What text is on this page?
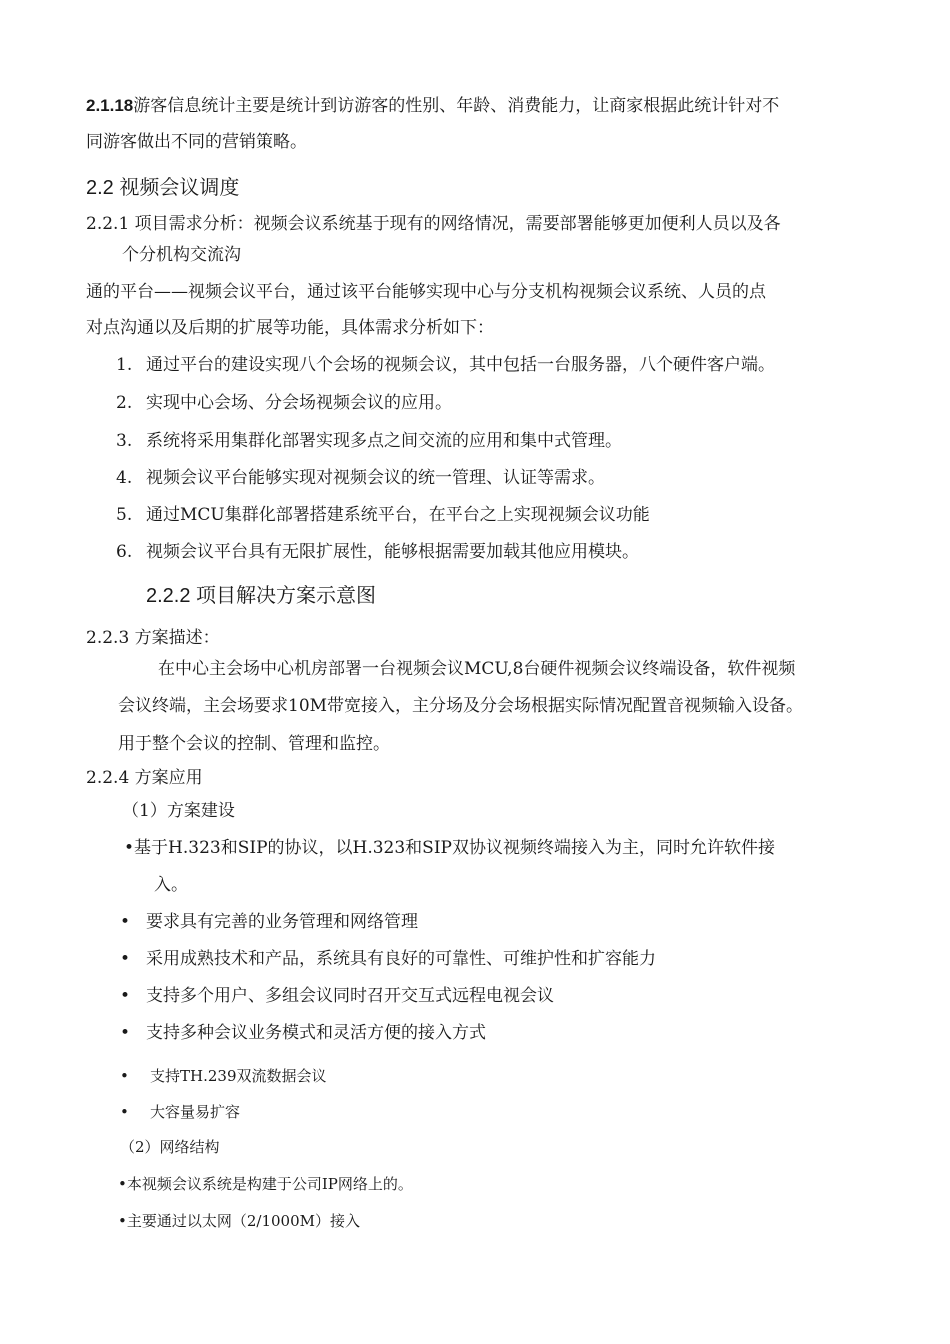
2.1.18游客信息统计主要是统计到访游客的性别、年龄、消费能力，让商家根据此统计针对不
同游客做出不同的营销策略。
2.2 视频会议调度
2.2.1 项目需求分析：视频会议系统基于现有的网络情况，需要部署能够更加便利人员以及各
个分机构交流沟
通的平台——视频会议平台，通过该平台能够实现中心与分支机构视频会议系统、人员的点
对点沟通以及后期的扩展等功能，具体需求分析如下：
1. 通过平台的建设实现八个会场的视频会议，其中包括一台服务器，八个硬件客户端。
2. 实现中心会场、分会场视频会议的应用。
3. 系统将采用集群化部署实现多点之间交流的应用和集中式管理。
4. 视频会议平台能够实现对视频会议的统一管理、认证等需求。
5. 通过MCU集群化部署搭建系统平台，在平台之上实现视频会议功能
6. 视频会议平台具有无限扩展性，能够根据需要加载其他应用模块。
2.2.2 项目解决方案示意图
2.2.3 方案描述：
在中心主会场中心机房部署一台视频会议MCU,8台硬件视频会议终端设备，软件视频
会议终端，主会场要求10M带宽接入，主分场及分会场根据实际情况配置音视频输入设备。
用于整个会议的控制、管理和监控。
2.2.4 方案应用
（1）方案建设
•基于H.323和SIP的协议，以H.323和SIP双协议视频终端接入为主，同时允许软件接
入。
• 要求具有完善的业务管理和网络管理
• 采用成熟技术和产品，系统具有良好的可靠性、可维护性和扩容能力
• 支持多个用户、多组会议同时召开交互式远程电视会议
• 支持多种会议业务模式和灵活方便的接入方式
• 支持TH.239双流数据会议
• 大容量易扩容
（2）网络结构
•本视频会议系统是构建于公司IP网络上的。
•主要通过以太网（2/1000M）接入
